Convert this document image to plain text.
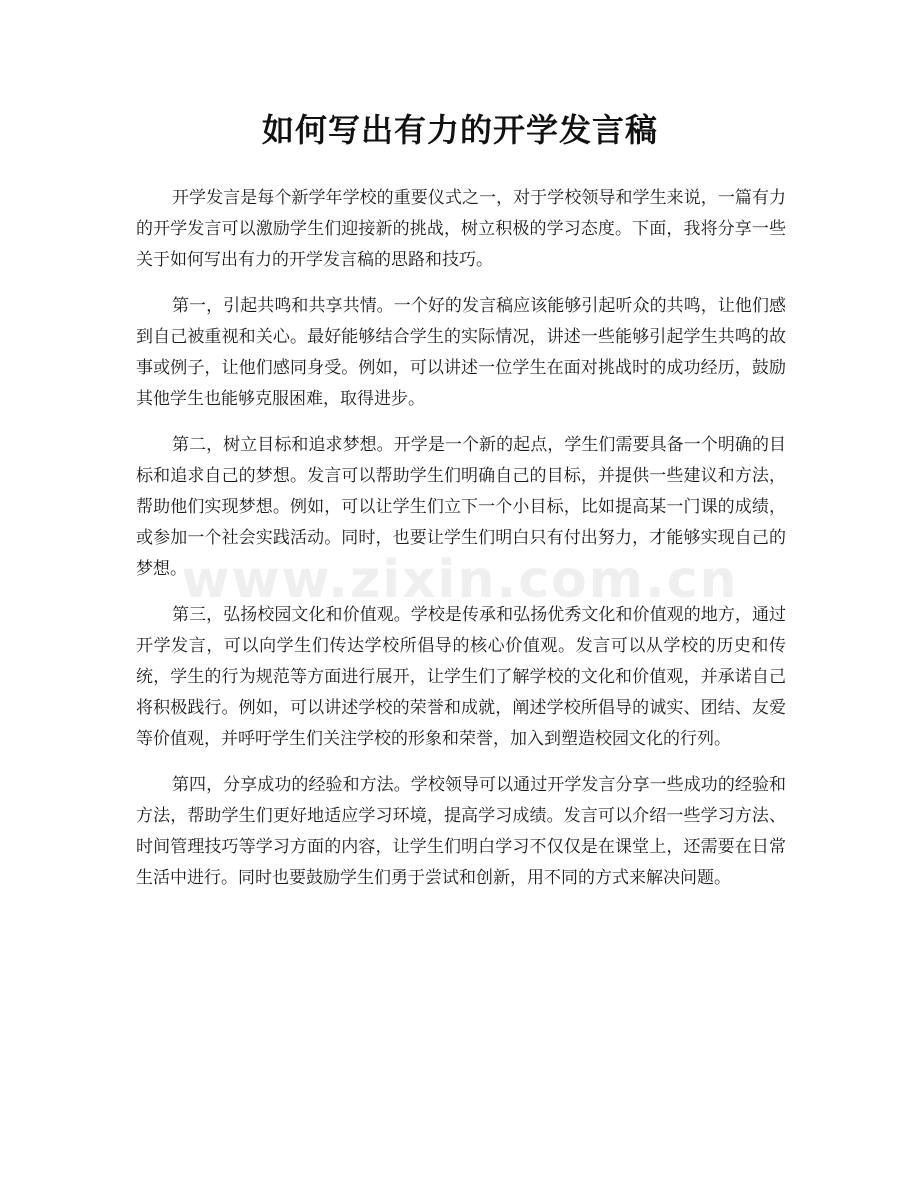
如何写出有力的开学发言稿
www.zixin.com.cn

开学发言是每个新学年学校的重要仪式之一，对于学校领导和学生来说，一篇有力的开学发言可以激励学生们迎接新的挑战，树立积极的学习态度。下面，我将分享一些关于如何写出有力的开学发言稿的思路和技巧。

第一，引起共鸣和共享共情。一个好的发言稿应该能够引起听众的共鸣，让他们感到自己被重视和关心。最好能够结合学生的实际情况，讲述一些能够引起学生共鸣的故事或例子，让他们感同身受。例如，可以讲述一位学生在面对挑战时的成功经历，鼓励其他学生也能够克服困难，取得进步。

第二，树立目标和追求梦想。开学是一个新的起点，学生们需要具备一个明确的目标和追求自己的梦想。发言可以帮助学生们明确自己的目标，并提供一些建议和方法，帮助他们实现梦想。例如，可以让学生们立下一个小目标，比如提高某一门课的成绩，或参加一个社会实践活动。同时，也要让学生们明白只有付出努力，才能够实现自己的梦想。

第三，弘扬校园文化和价值观。学校是传承和弘扬优秀文化和价值观的地方，通过开学发言，可以向学生们传达学校所倡导的核心价值观。发言可以从学校的历史和传统，学生的行为规范等方面进行展开，让学生们了解学校的文化和价值观，并承诺自己将积极践行。例如，可以讲述学校的荣誉和成就，阐述学校所倡导的诚实、团结、友爱等价值观，并呼吁学生们关注学校的形象和荣誉，加入到塑造校园文化的行列。

第四，分享成功的经验和方法。学校领导可以通过开学发言分享一些成功的经验和方法，帮助学生们更好地适应学习环境，提高学习成绩。发言可以介绍一些学习方法、时间管理技巧等学习方面的内容，让学生们明白学习不仅仅是在课堂上，还需要在日常生活中进行。同时也要鼓励学生们勇于尝试和创新，用不同的方式来解决问题。
